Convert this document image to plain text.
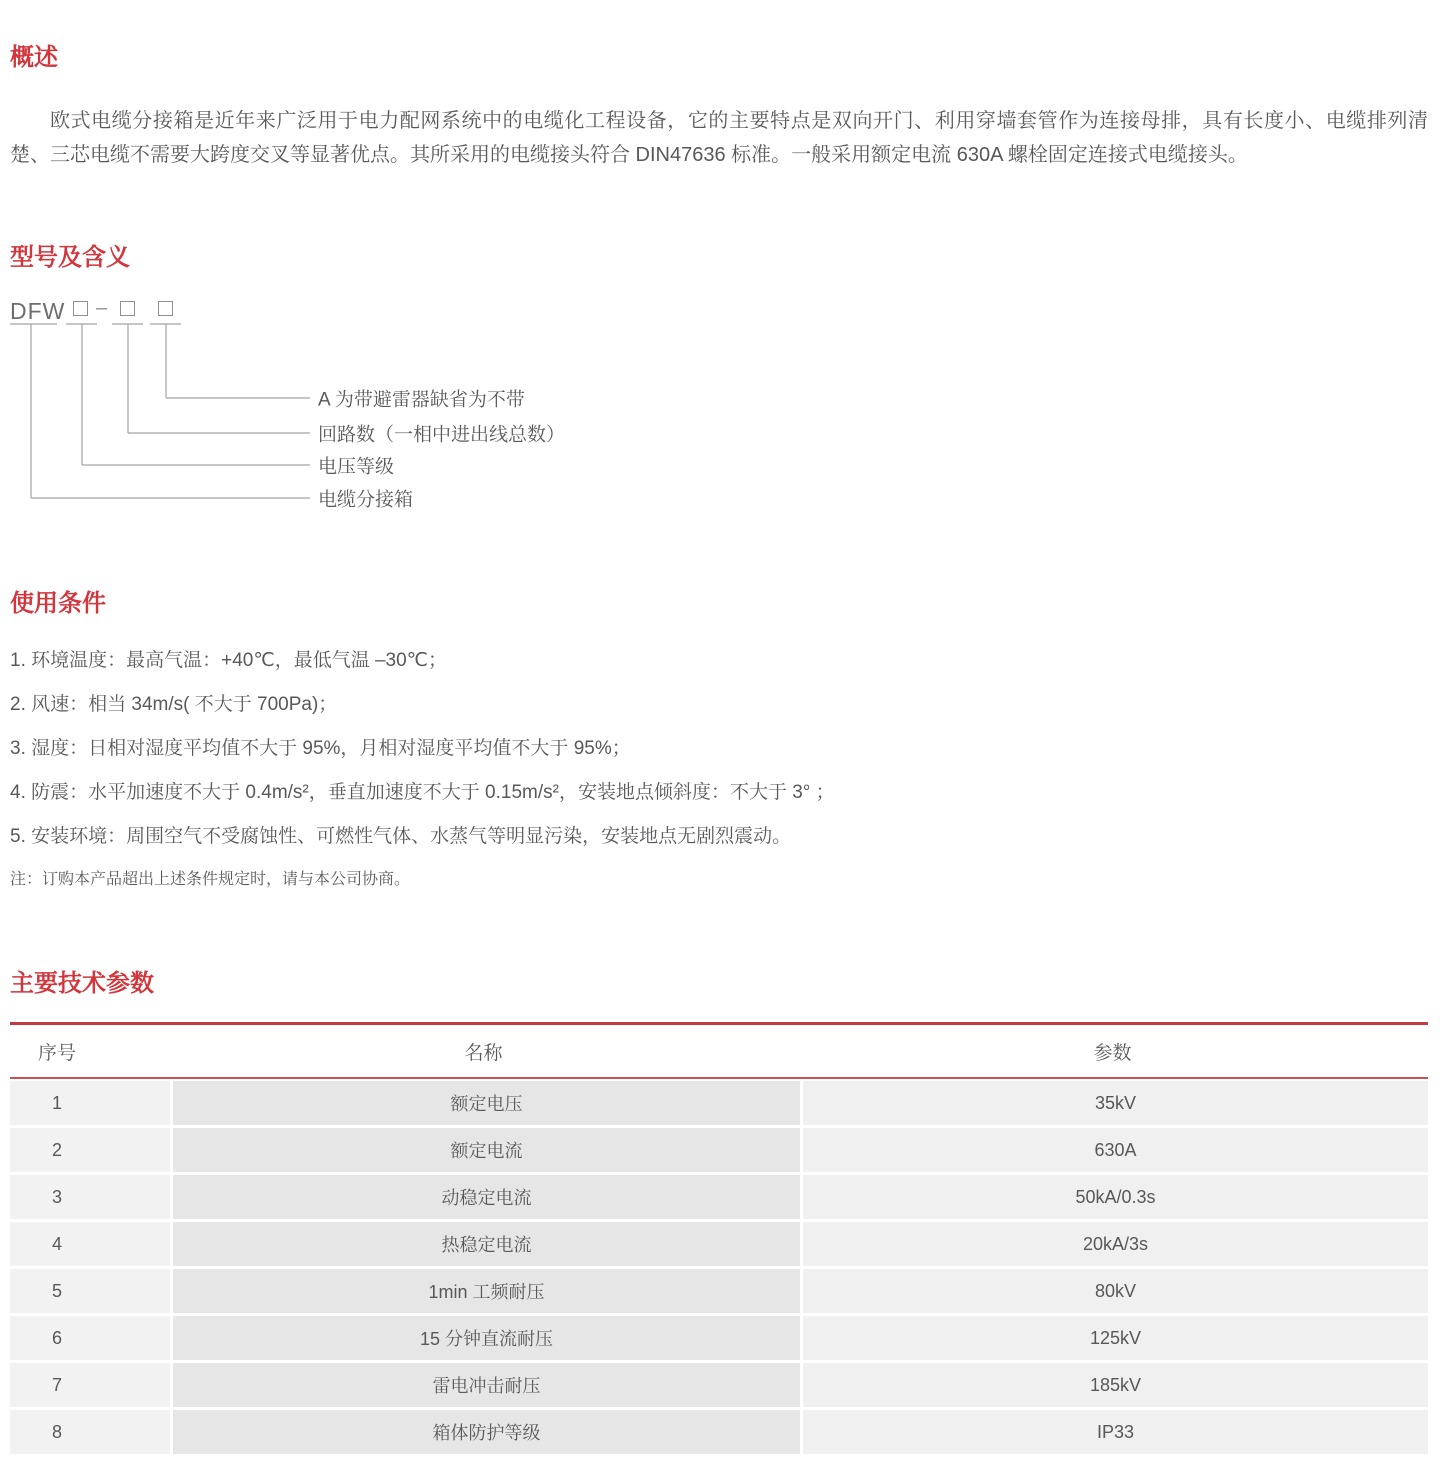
概述

欧式电缆分接箱是近年来广泛用于电力配网系统中的电缆化工程设备，它的主要特点是双向开门、利用穿墙套管作为连接母排，具有长度小、电缆排列清楚、三芯电缆不需要大跨度交叉等显著优点。其所采用的电缆接头符合 DIN47636 标准。一般采用额定电流 630A 螺栓固定连接式电缆接头。

型号及含义
DFW –
A 为带避雷器缺省为不带
回路数（一相中进出线总数）
电压等级
电缆分接箱
使用条件

1. 环境温度：最高气温：+40℃，最低气温 –30℃；

2. 风速：相当 34m/s( 不大于 700Pa)；

3. 湿度：日相对湿度平均值不大于 95%，月相对湿度平均值不大于 95%；

4. 防震：水平加速度不大于 0.4m/s²，垂直加速度不大于 0.15m/s²，安装地点倾斜度：不大于 3° ；

5. 安装环境：周围空气不受腐蚀性、可燃性气体、水蒸气等明显污染，安装地点无剧烈震动。

注：订购本产品超出上述条件规定时，请与本公司协商。

主要技术参数
序号	名称	参数
1	额定电压	35kV
2	额定电流	630A
3	动稳定电流	50kA/0.3s
4	热稳定电流	20kA/3s
5	1min 工频耐压	80kV
6	15 分钟直流耐压	125kV
7	雷电冲击耐压	185kV
8	箱体防护等级	IP33
